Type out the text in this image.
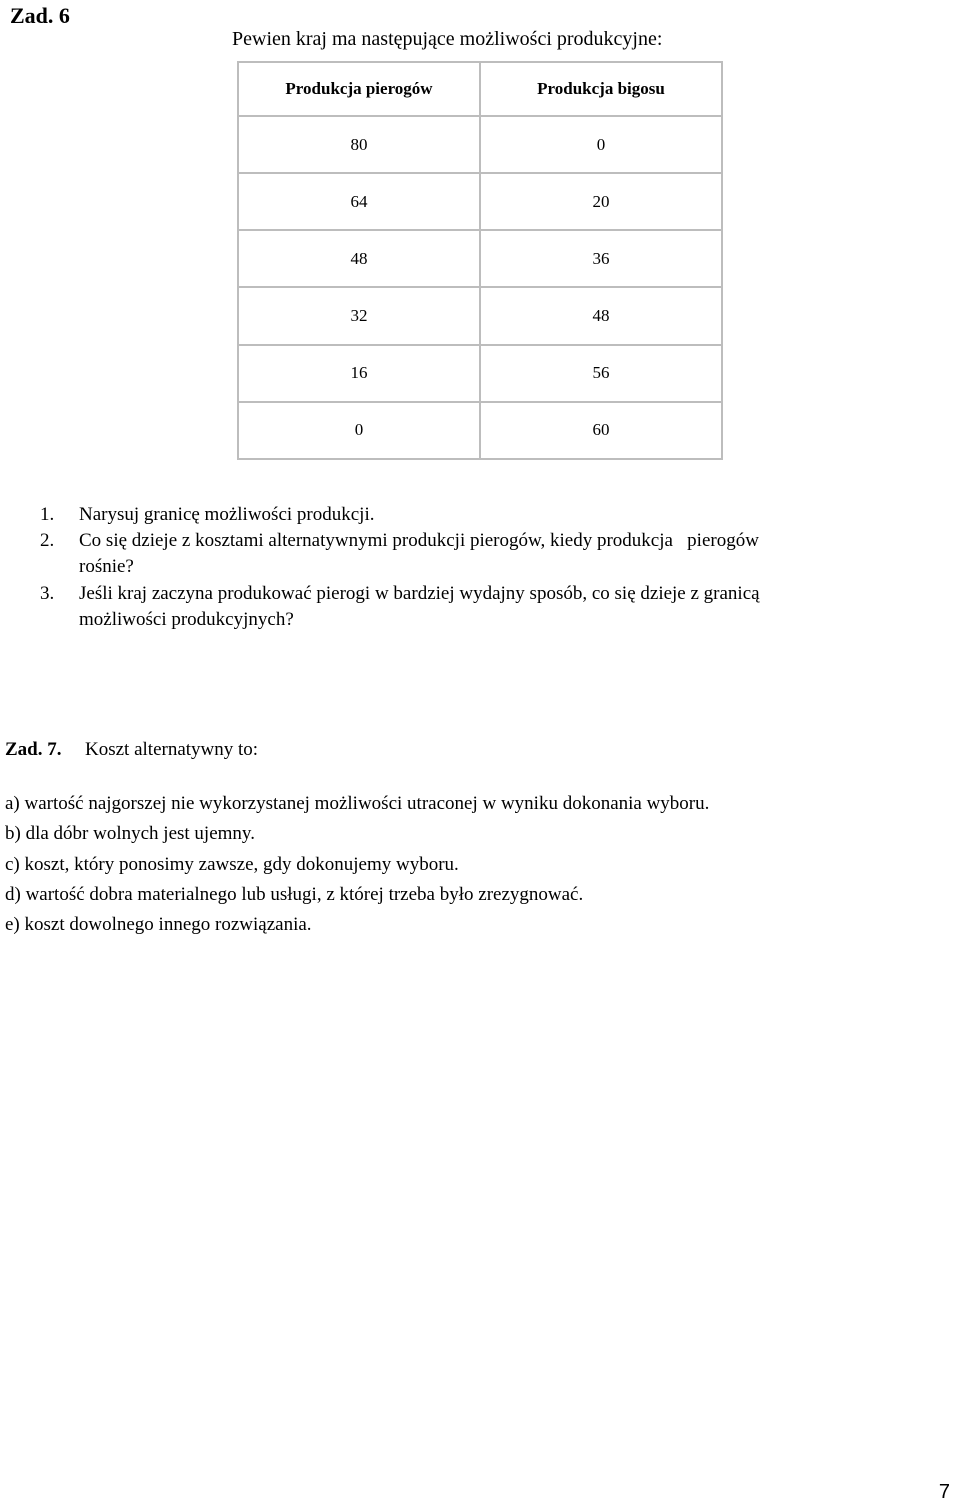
Zad. 6
Pewien kraj ma następujące możliwości produkcyjne:
Produkcja pierogów	Produkcja bigosu
80	0
64	20
48	36
32	48
16	56
0	60
1. Narysuj granicę możliwości produkcji.
2. Co się dzieje z kosztami alternatywnymi produkcji pierogów, kiedy produkcja   pierogów
rośnie?
3. Jeśli kraj zaczyna produkować pierogi w bardziej wydajny sposób, co się dzieje z granicą
możliwości produkcyjnych?
Zad. 7. Koszt alternatywny to:
a) wartość najgorszej nie wykorzystanej możliwości utraconej w wyniku dokonania wyboru.
b) dla dóbr wolnych jest ujemny.
c) koszt, który ponosimy zawsze, gdy dokonujemy wyboru.
d) wartość dobra materialnego lub usługi, z której trzeba było zrezygnować.
e) koszt dowolnego innego rozwiązania.
7
